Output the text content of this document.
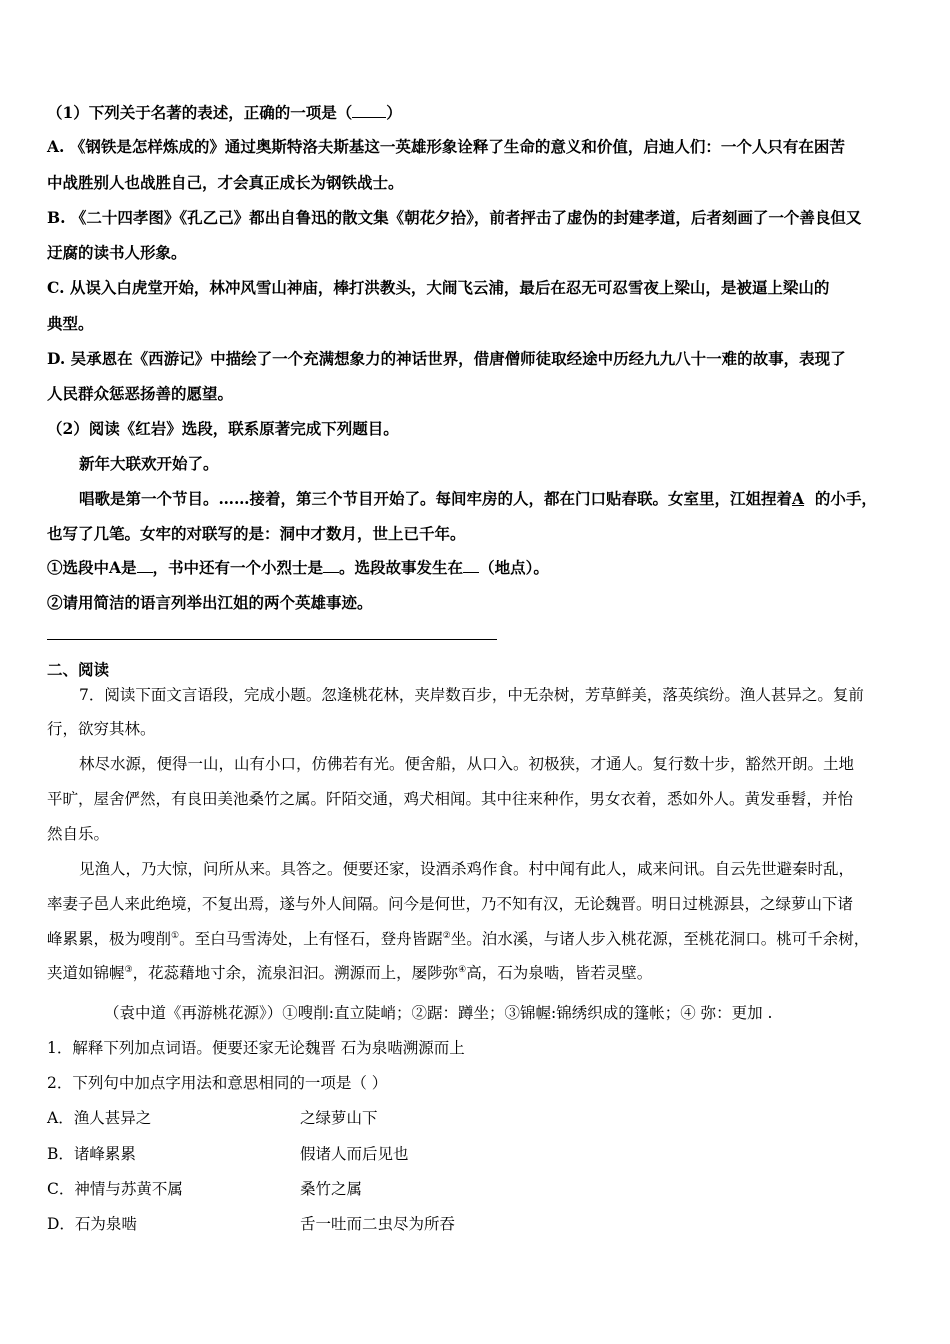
（1）下列关于名著的表述，正确的一项是（ ）
A. 《钢铁是怎样炼成的》通过奥斯特洛夫斯基这一英雄形象诠释了生命的意义和价值，启迪人们：一个人只有在困苦
中战胜别人也战胜自己，才会真正成长为钢铁战士。
B. 《二十四孝图》《孔乙己》都出自鲁迅的散文集《朝花夕拾》，前者抨击了虚伪的封建孝道，后者刻画了一个善良但又
迂腐的读书人形象。
C. 从误入白虎堂开始，林冲风雪山神庙，棒打洪教头，大闹飞云浦，最后在忍无可忍雪夜上梁山，是被逼上梁山的
典型。
D. 吴承恩在《西游记》中描绘了一个充满想象力的神话世界，借唐僧师徒取经途中历经九九八十一难的故事，表现了
人民群众惩恶扬善的愿望。
（2）阅读《红岩》选段，联系原著完成下列题目。
新年大联欢开始了。
唱歌是第一个节目。……接着，第三个节目开始了。每间牢房的人，都在门口贴春联。女室里，江姐捏着A 的小手，
也写了几笔。女牢的对联写的是：洞中才数月，世上已千年。
①选段中A是 ，书中还有一个小烈士是 。选段故事发生在 （地点）。
②请用简洁的语言列举出江姐的两个英雄事迹。
二、阅读
7．阅读下面文言语段，完成小题。忽逢桃花林，夹岸数百步，中无杂树，芳草鲜美，落英缤纷。渔人甚异之。复前
行，欲穷其林。
林尽水源，便得一山，山有小口，仿佛若有光。便舍船，从口入。初极狭，才通人。复行数十步，豁然开朗。土地
平旷，屋舍俨然，有良田美池桑竹之属。阡陌交通，鸡犬相闻。其中往来种作，男女衣着，悉如外人。黄发垂髫，并怡
然自乐。
见渔人，乃大惊，问所从来。具答之。便要还家，设酒杀鸡作食。村中闻有此人，咸来问讯。自云先世避秦时乱，
率妻子邑人来此绝境，不复出焉，遂与外人间隔。问今是何世，乃不知有汉，无论魏晋。明日过桃源县，之绿萝山下诸
峰累累，极为嗖削①。至白马雪涛处，上有怪石，登舟皆踞②坐。泊水溪，与诸人步入桃花源，至桃花洞口。桃可千余树，
夹道如锦幄③，花蕊藉地寸余，流泉汩汩。溯源而上，屡陟弥④高，石为泉啮，皆若灵壁。
（袁中道《再游桃花源》）①嗖削:直立陡峭；②踞：蹲坐；③锦幄:锦绣织成的篷帐；④ 弥：更加 .
1．解释下列加点词语。便要还家无论魏晋 石为泉啮溯源而上
2．下列句中加点字用法和意思相同的一项是（ ）
A．渔人甚异之	之绿萝山下
B．诸峰累累	假诸人而后见也
C．神情与苏黄不属	桑竹之属
D．石为泉啮	舌一吐而二虫尽为所吞
